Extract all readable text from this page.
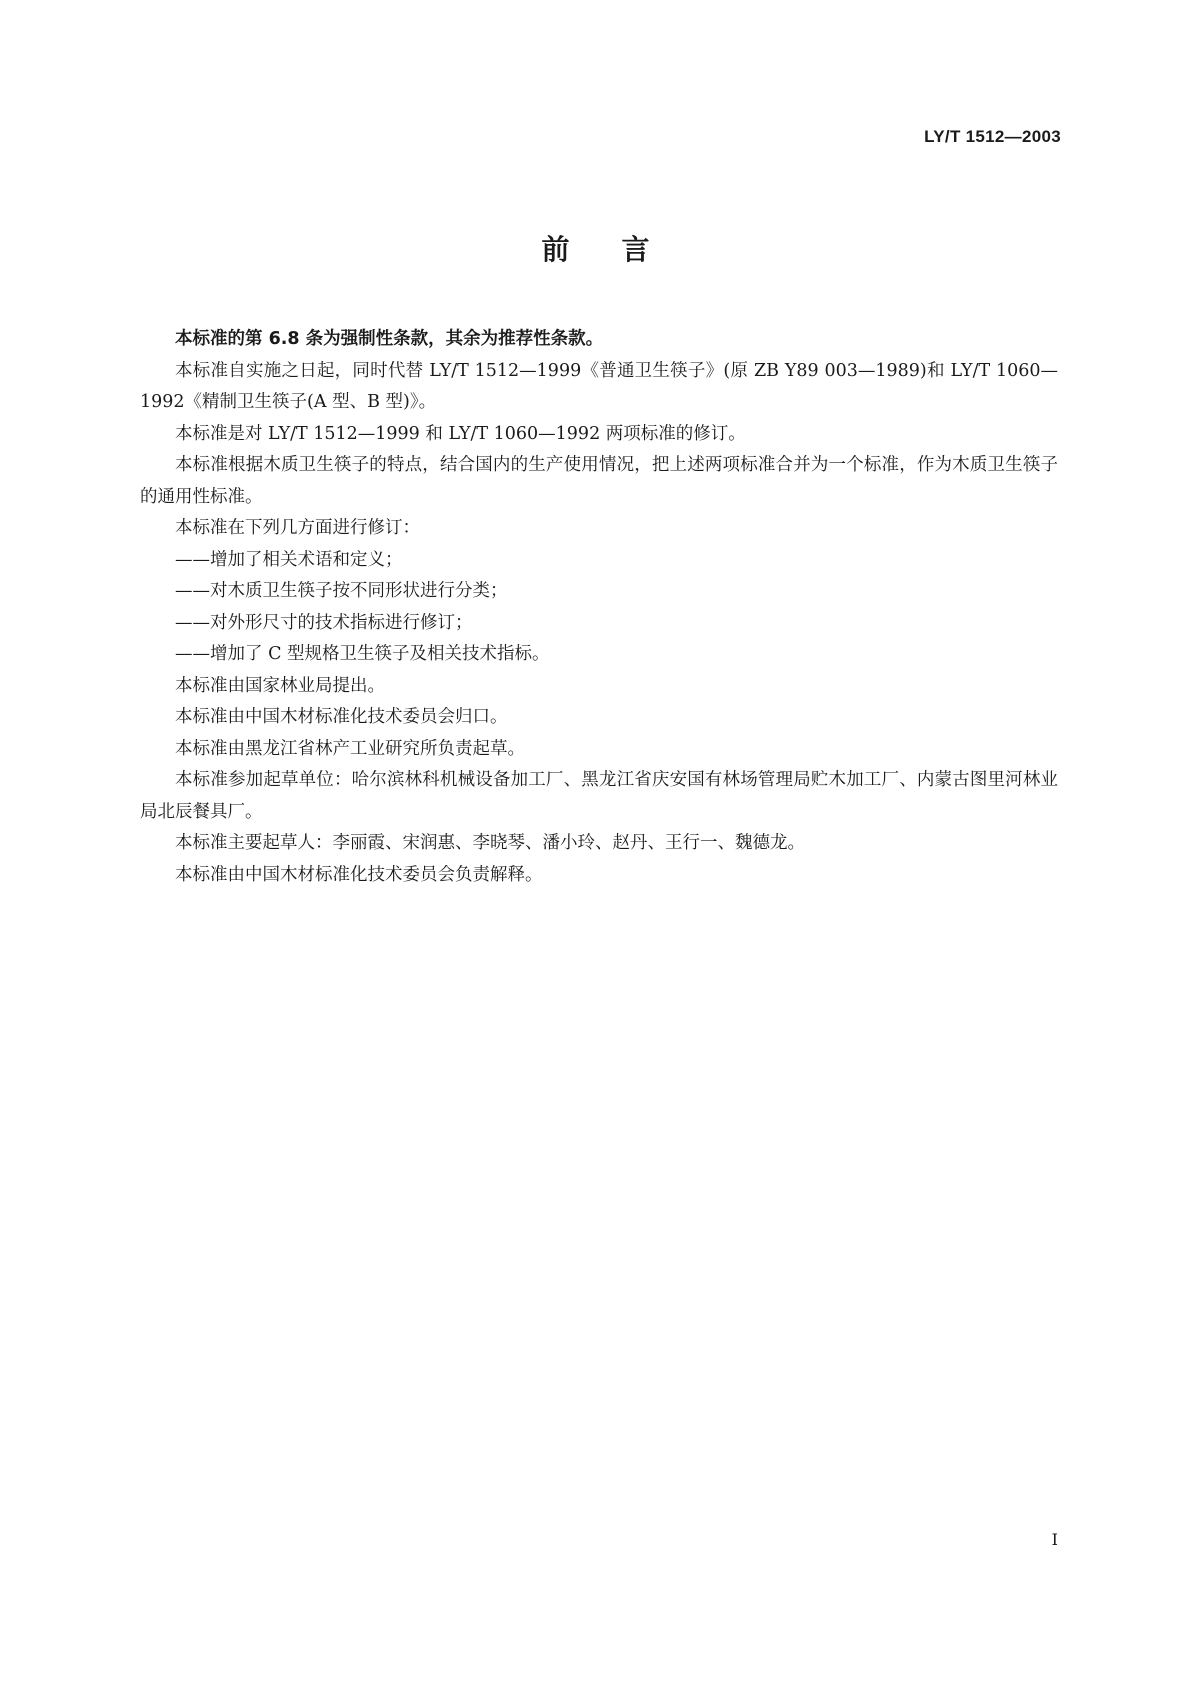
LY/T 1512—2003
前言

本标准的第 6.8 条为强制性条款，其余为推荐性条款。

本标准自实施之日起，同时代替 LY/T 1512—1999《普通卫生筷子》(原 ZB Y89 003—1989)和 LY/T 1060—1992《精制卫生筷子(A 型、B 型)》。

本标准是对 LY/T 1512—1999 和 LY/T 1060—1992 两项标准的修订。

本标准根据木质卫生筷子的特点，结合国内的生产使用情况，把上述两项标准合并为一个标准，作为木质卫生筷子的通用性标准。

本标准在下列几方面进行修订：

——增加了相关术语和定义；

——对木质卫生筷子按不同形状进行分类；

——对外形尺寸的技术指标进行修订；

——增加了 C 型规格卫生筷子及相关技术指标。

本标准由国家林业局提出。

本标准由中国木材标准化技术委员会归口。

本标准由黑龙江省林产工业研究所负责起草。

本标准参加起草单位：哈尔滨林科机械设备加工厂、黑龙江省庆安国有林场管理局贮木加工厂、内蒙古图里河林业局北辰餐具厂。

本标准主要起草人：李丽霞、宋润惠、李晓琴、潘小玲、赵丹、王行一、魏德龙。

本标准由中国木材标准化技术委员会负责解释。

I
